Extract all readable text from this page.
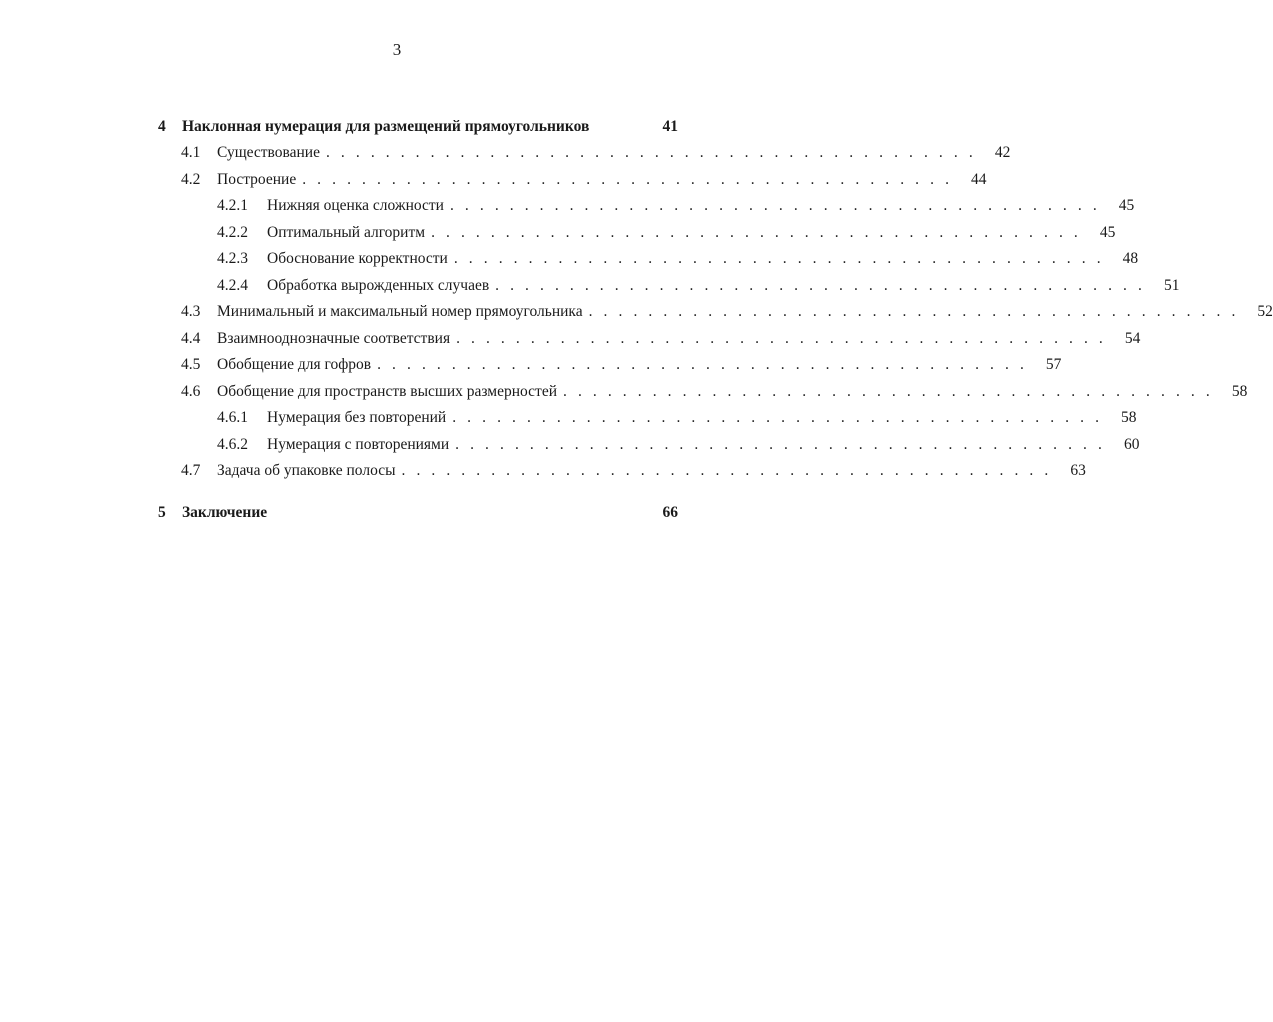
3
4	Наклонная нумерация для размещений прямоугольников	41
4.1	Существование . . . . . . . . . . . . . . . . . . . . . . . . . . . . . . . . . . . . . . . . . . . .	42
4.2	Построение . . . . . . . . . . . . . . . . . . . . . . . . . . . . . . . . . . . . . . . . . . . .	44
4.2.1	Нижняя оценка сложности . . . . . . . . . . . . . . . . . . . . . . . . . . . . . . . . . . . . . . . . . . . .	45
4.2.2	Оптимальный алгоритм . . . . . . . . . . . . . . . . . . . . . . . . . . . . . . . . . . . . . . . . . . . .	45
4.2.3	Обоснование корректности . . . . . . . . . . . . . . . . . . . . . . . . . . . . . . . . . . . . . . . . . . . .	48
4.2.4	Обработка вырожденных случаев . . . . . . . . . . . . . . . . . . . . . . . . . . . . . . . . . . . . . . . . . . . .	51
4.3	Минимальный и максимальный номер прямоугольника . . . . . . . . . . . . . . . . . . . . . . . . . . . . . . . . . . . . . . . . . . . .	52
4.4	Взаимнооднозначные соответствия . . . . . . . . . . . . . . . . . . . . . . . . . . . . . . . . . . . . . . . . . . . .	54
4.5	Обобщение для гофров . . . . . . . . . . . . . . . . . . . . . . . . . . . . . . . . . . . . . . . . . . . .	57
4.6	Обобщение для пространств высших размерностей . . . . . . . . . . . . . . . . . . . . . . . . . . . . . . . . . . . . . . . . . . . .	58
4.6.1	Нумерация без повторений . . . . . . . . . . . . . . . . . . . . . . . . . . . . . . . . . . . . . . . . . . . .	58
4.6.2	Нумерация с повторениями . . . . . . . . . . . . . . . . . . . . . . . . . . . . . . . . . . . . . . . . . . . .	60
4.7	Задача об упаковке полосы . . . . . . . . . . . . . . . . . . . . . . . . . . . . . . . . . . . . . . . . . . . .	63
5	Заключение	66
